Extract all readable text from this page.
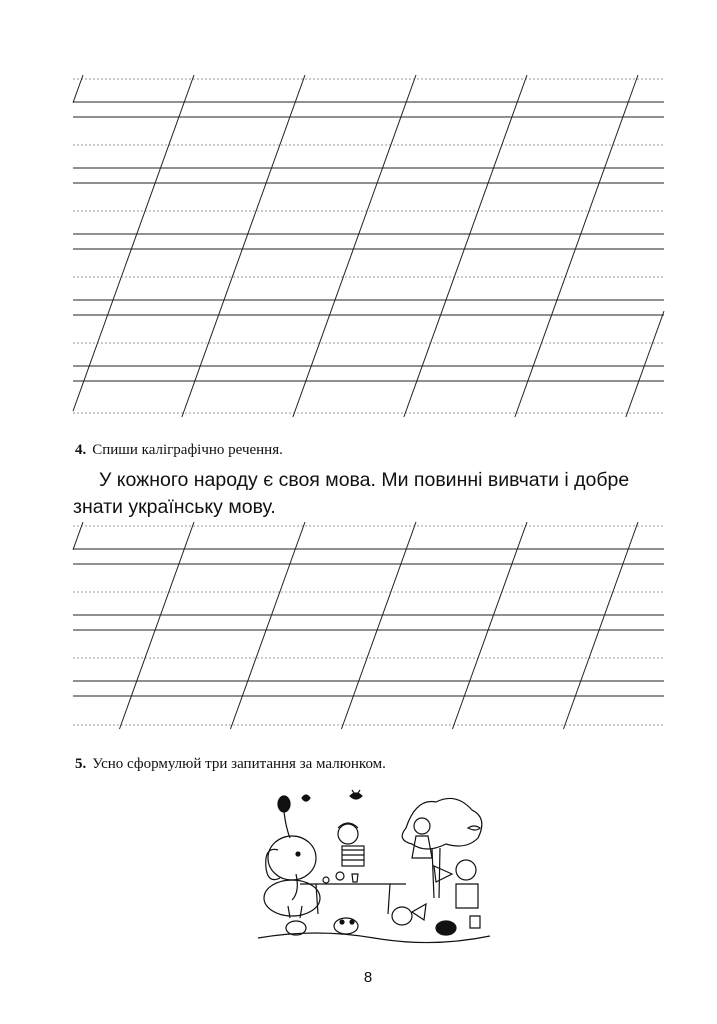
4. Спиши каліграфічно речення.
У кожного народу є своя мова. Ми повинні вивчати і добре знати українську мову.
5. Усно сформулюй три запитання за малюнком.
8
